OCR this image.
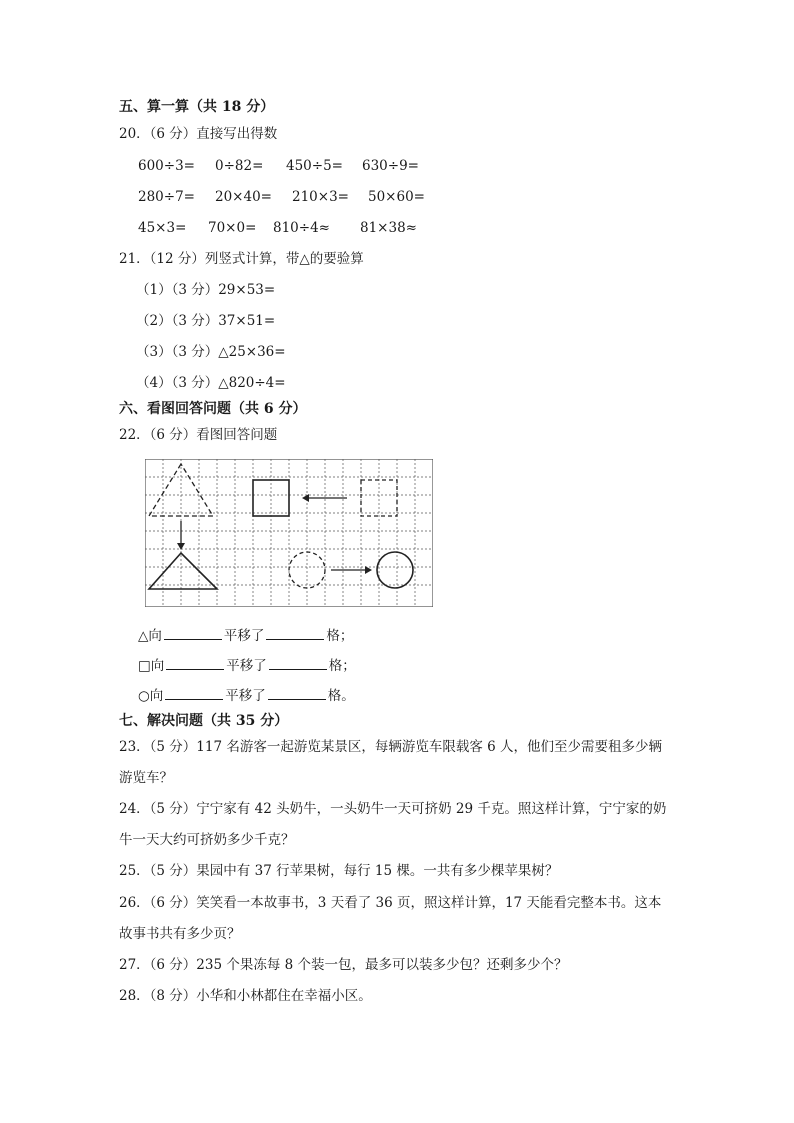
五、算一算（共 18 分）
20．（6 分）直接写出得数
600÷3= 0÷82= 450÷5= 630÷9=
280÷7= 20×40= 210×3= 50×60=
45×3= 70×0= 810÷4≈ 81×38≈
21．（12 分）列竖式计算，带△的要验算
（1）（3 分）29×53=
（2）（3 分）37×51=
（3）（3 分）△25×36=
（4）（3 分）△820÷4=
六、看图回答问题（共 6 分）
22．（6 分）看图回答问题
△向	平移了	格；
□向	平移了	格；
○向	平移了	格。
七、解决问题（共 35 分）
23．（5 分）117 名游客一起游览某景区，每辆游览车限载客 6 人，他们至少需要租多少辆
游览车？
24．（5 分）宁宁家有 42 头奶牛，一头奶牛一天可挤奶 29 千克。照这样计算，宁宁家的奶
牛一天大约可挤奶多少千克？
25．（5 分）果园中有 37 行苹果树，每行 15 棵。一共有多少棵苹果树？
26．（6 分）笑笑看一本故事书，3 天看了 36 页，照这样计算，17 天能看完整本书。这本
故事书共有多少页？
27．（6 分）235 个果冻每 8 个装一包，最多可以装多少包？还剩多少个？
28．（8 分）小华和小林都住在幸福小区。
